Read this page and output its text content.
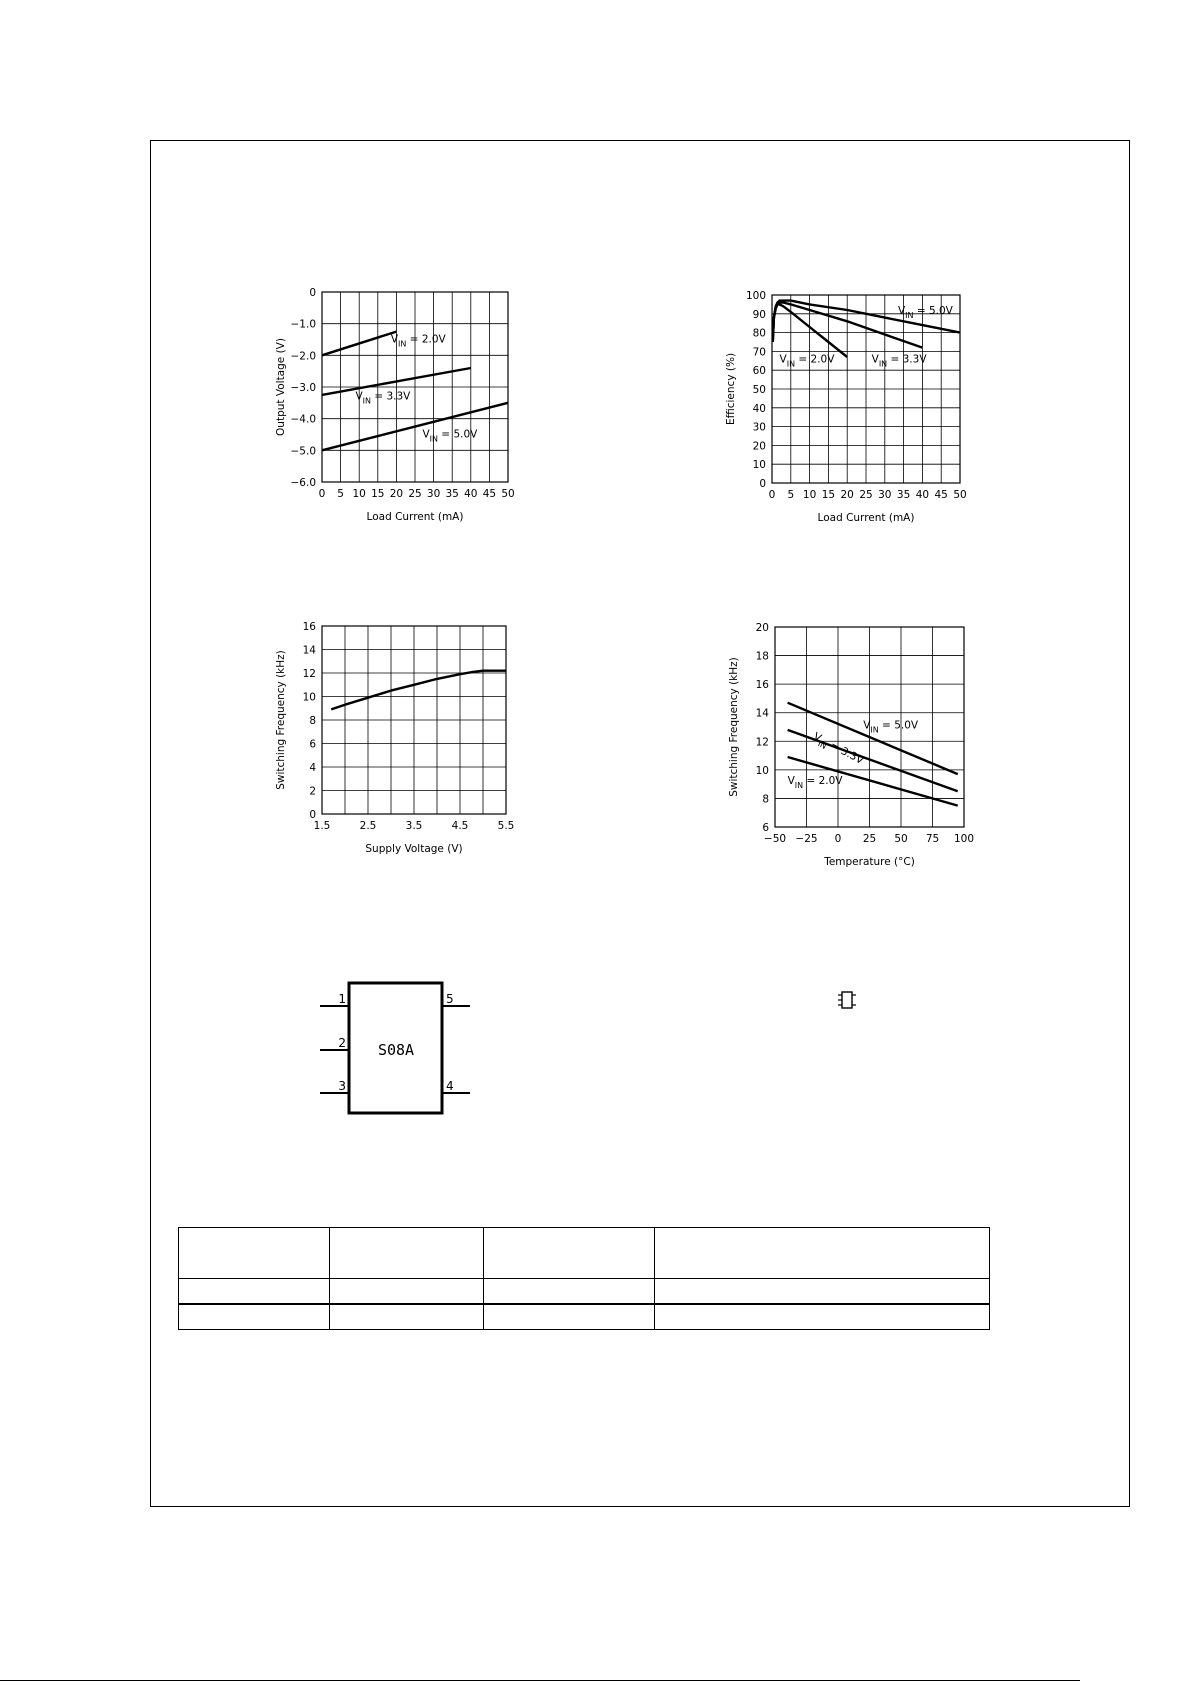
0 5 10 15 20 25 30 35 40 45 50
0
−1.0
−2.0
−3.0
−4.0
−5.0
−6.0
Load Current (mA)
Output Voltage (V)	$V_{IN} = 2.0V$
$V_{IN} = 3.3V$
$V_{IN} = 5.0V$
0 5 10 15 20 25 30 35 40 45 50
0
10
20
30
40
50
60
70
80
90
100
Load Current (mA)
Efficiency (%)
$V_{IN} = 5.0V$
$V_{IN} = 2.0V$	$V_{IN} = 3.3V$
1.5	2.5	3.5	4.5	5.5
0
2
4
6
8
10
12
14
16
Supply Voltage (V)
Switching Frequency (kHz)
−50 −25 0 25 50 75 100
6
8
10
12
14
16
18
20
Temperature (°C)
Switching Frequency (kHz)	$V_{IN} = 5.0V$
$V_{IN} = 3.3V$
$V_{IN} = 2.0V$
1
2
3
5
4
S08A
